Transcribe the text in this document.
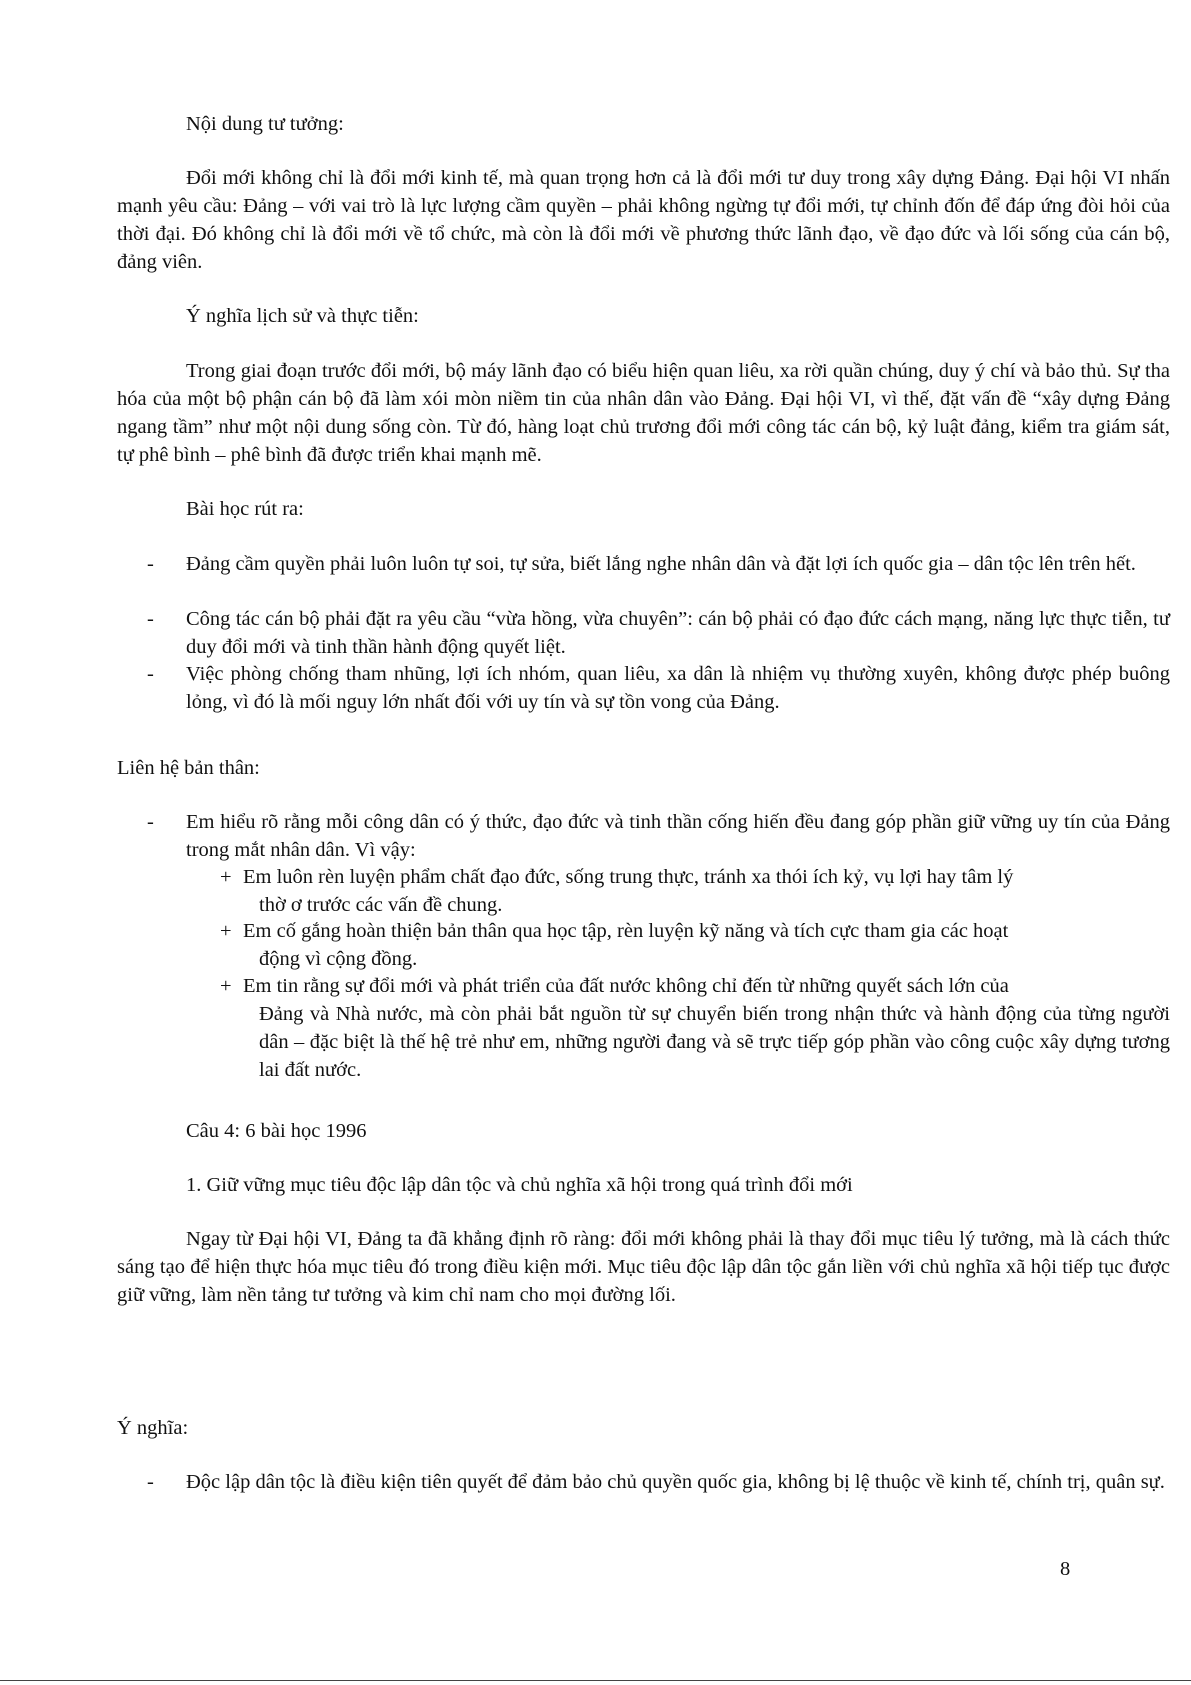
Nội dung tư tưởng:

Đổi mới không chỉ là đổi mới kinh tế, mà quan trọng hơn cả là đổi mới tư duy trong xây dựng Đảng. Đại hội VI nhấn mạnh yêu cầu: Đảng – với vai trò là lực lượng cầm quyền – phải không ngừng tự đổi mới, tự chỉnh đốn để đáp ứng đòi hỏi của thời đại. Đó không chỉ là đổi mới về tổ chức, mà còn là đổi mới về phương thức lãnh đạo, về đạo đức và lối sống của cán bộ, đảng viên.

Ý nghĩa lịch sử và thực tiễn:

Trong giai đoạn trước đổi mới, bộ máy lãnh đạo có biểu hiện quan liêu, xa rời quần chúng, duy ý chí và bảo thủ. Sự tha hóa của một bộ phận cán bộ đã làm xói mòn niềm tin của nhân dân vào Đảng. Đại hội VI, vì thế, đặt vấn đề “xây dựng Đảng ngang tầm” như một nội dung sống còn. Từ đó, hàng loạt chủ trương đổi mới công tác cán bộ, kỷ luật đảng, kiểm tra giám sát, tự phê bình – phê bình đã được triển khai mạnh mẽ.

Bài học rút ra:
- Đảng cầm quyền phải luôn luôn tự soi, tự sửa, biết lắng nghe nhân dân và đặt lợi ích quốc gia – dân tộc lên trên hết.
- Công tác cán bộ phải đặt ra yêu cầu “vừa hồng, vừa chuyên”: cán bộ phải có đạo đức cách mạng, năng lực thực tiễn, tư duy đổi mới và tinh thần hành động quyết liệt.
- Việc phòng chống tham nhũng, lợi ích nhóm, quan liêu, xa dân là nhiệm vụ thường xuyên, không được phép buông lỏng, vì đó là mối nguy lớn nhất đối với uy tín và sự tồn vong của Đảng.
Liên hệ bản thân:
- Em hiểu rõ rằng mỗi công dân có ý thức, đạo đức và tinh thần cống hiến đều đang góp phần giữ vững uy tín của Đảng trong mắt nhân dân. Vì vậy:
+ Em luôn rèn luyện phẩm chất đạo đức, sống trung thực, tránh xa thói ích kỷ, vụ lợi hay tâm lý
thờ ơ trước các vấn đề chung.
+ Em cố gắng hoàn thiện bản thân qua học tập, rèn luyện kỹ năng và tích cực tham gia các hoạt
động vì cộng đồng.
+ Em tin rằng sự đổi mới và phát triển của đất nước không chỉ đến từ những quyết sách lớn của
Đảng và Nhà nước, mà còn phải bắt nguồn từ sự chuyển biến trong nhận thức và hành động của từng người dân – đặc biệt là thế hệ trẻ như em, những người đang và sẽ trực tiếp góp phần vào công cuộc xây dựng tương lai đất nước.
Câu 4: 6 bài học 1996
1. Giữ vững mục tiêu độc lập dân tộc và chủ nghĩa xã hội trong quá trình đổi mới

Ngay từ Đại hội VI, Đảng ta đã khẳng định rõ ràng: đổi mới không phải là thay đổi mục tiêu lý tưởng, mà là cách thức sáng tạo để hiện thực hóa mục tiêu đó trong điều kiện mới. Mục tiêu độc lập dân tộc gắn liền với chủ nghĩa xã hội tiếp tục được giữ vững, làm nền tảng tư tưởng và kim chỉ nam cho mọi đường lối.

Ý nghĩa:
- Độc lập dân tộc là điều kiện tiên quyết để đảm bảo chủ quyền quốc gia, không bị lệ thuộc về kinh tế, chính trị, quân sự.
8
